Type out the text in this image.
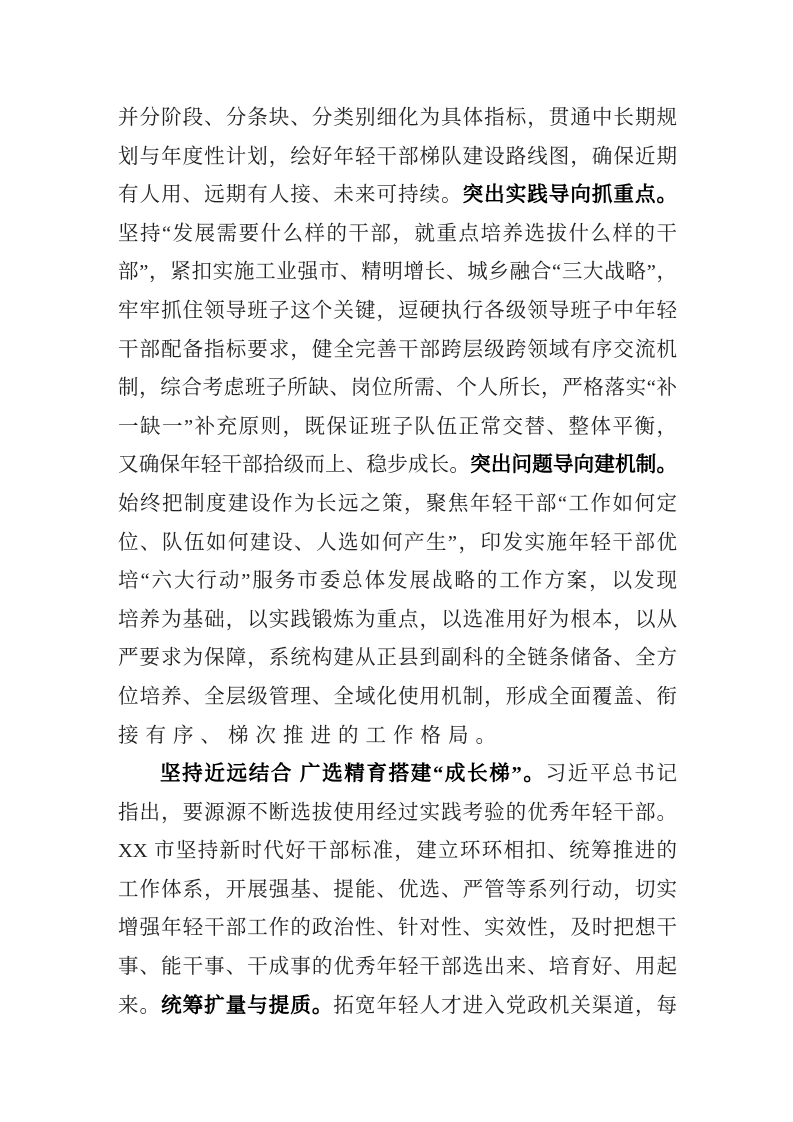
并分阶段、分条块、分类别细化为具体指标，贯通中长期规
划与年度性计划，绘好年轻干部梯队建设路线图，确保近期
有人用、远期有人接、未来可持续。突出实践导向抓重点。
坚持“发展需要什么样的干部，就重点培养选拔什么样的干
部”，紧扣实施工业强市、精明增长、城乡融合“三大战略”，
牢牢抓住领导班子这个关键，逗硬执行各级领导班子中年轻
干部配备指标要求，健全完善干部跨层级跨领域有序交流机
制，综合考虑班子所缺、岗位所需、个人所长，严格落实“补
一缺一”补充原则，既保证班子队伍正常交替、整体平衡，
又确保年轻干部拾级而上、稳步成长。突出问题导向建机制。
始终把制度建设作为长远之策，聚焦年轻干部“工作如何定
位、队伍如何建设、人选如何产生”，印发实施年轻干部优
培“六大行动”服务市委总体发展战略的工作方案，以发现
培养为基础，以实践锻炼为重点，以选准用好为根本，以从
严要求为保障，系统构建从正县到副科的全链条储备、全方
位培养、全层级管理、全域化使用机制，形成全面覆盖、衔
接有序、梯次推进的工作格局。
坚持近远结合 广选精育搭建“成长梯”。习近平总书记
指出，要源源不断选拔使用经过实践考验的优秀年轻干部。
XX 市坚持新时代好干部标准，建立环环相扣、统筹推进的
工作体系，开展强基、提能、优选、严管等系列行动，切实
增强年轻干部工作的政治性、针对性、实效性，及时把想干
事、能干事、干成事的优秀年轻干部选出来、培育好、用起
来。统筹扩量与提质。拓宽年轻人才进入党政机关渠道，每
